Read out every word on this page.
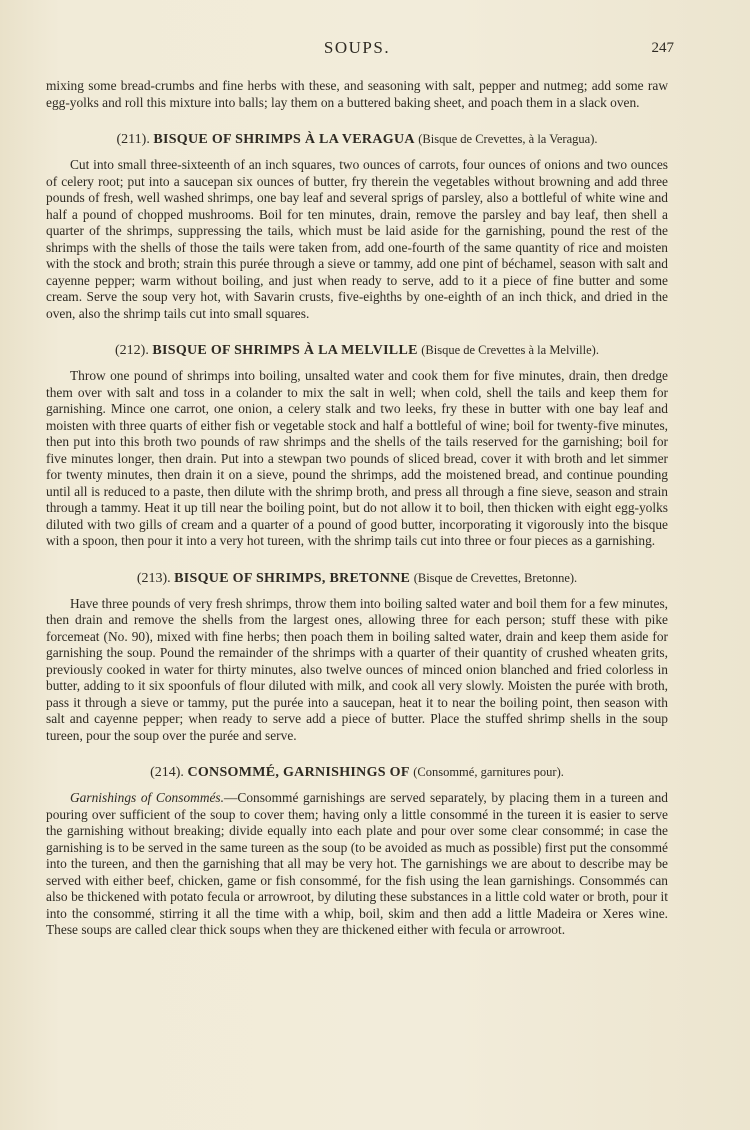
SOUPS.	247

mixing some bread-crumbs and fine herbs with these, and seasoning with salt, pepper and nutmeg; add some raw egg-yolks and roll this mixture into balls; lay them on a buttered baking sheet, and poach them in a slack oven.

(211). BISQUE OF SHRIMPS À LA VERAGUA (Bisque de Crevettes, à la Veragua).

Cut into small three-sixteenth of an inch squares, two ounces of carrots, four ounces of onions and two ounces of celery root; put into a saucepan six ounces of butter, fry therein the vegetables without browning and add three pounds of fresh, well washed shrimps, one bay leaf and several sprigs of parsley, also a bottleful of white wine and half a pound of chopped mushrooms. Boil for ten minutes, drain, remove the parsley and bay leaf, then shell a quarter of the shrimps, suppressing the tails, which must be laid aside for the garnishing, pound the rest of the shrimps with the shells of those the tails were taken from, add one-fourth of the same quantity of rice and moisten with the stock and broth; strain this purée through a sieve or tammy, add one pint of béchamel, season with salt and cayenne pepper; warm without boiling, and just when ready to serve, add to it a piece of fine butter and some cream. Serve the soup very hot, with Savarin crusts, five-eighths by one-eighth of an inch thick, and dried in the oven, also the shrimp tails cut into small squares.

(212). BISQUE OF SHRIMPS À LA MELVILLE (Bisque de Crevettes à la Melville).

Throw one pound of shrimps into boiling, unsalted water and cook them for five minutes, drain, then dredge them over with salt and toss in a colander to mix the salt in well; when cold, shell the tails and keep them for garnishing. Mince one carrot, one onion, a celery stalk and two leeks, fry these in butter with one bay leaf and moisten with three quarts of either fish or vegetable stock and half a bottleful of wine; boil for twenty-five minutes, then put into this broth two pounds of raw shrimps and the shells of the tails reserved for the garnishing; boil for five minutes longer, then drain. Put into a stewpan two pounds of sliced bread, cover it with broth and let simmer for twenty minutes, then drain it on a sieve, pound the shrimps, add the moistened bread, and continue pounding until all is reduced to a paste, then dilute with the shrimp broth, and press all through a fine sieve, season and strain through a tammy. Heat it up till near the boiling point, but do not allow it to boil, then thicken with eight egg-yolks diluted with two gills of cream and a quarter of a pound of good butter, incorporating it vigorously into the bisque with a spoon, then pour it into a very hot tureen, with the shrimp tails cut into three or four pieces as a garnishing.

(213). BISQUE OF SHRIMPS, BRETONNE (Bisque de Crevettes, Bretonne).

Have three pounds of very fresh shrimps, throw them into boiling salted water and boil them for a few minutes, then drain and remove the shells from the largest ones, allowing three for each person; stuff these with pike forcemeat (No. 90), mixed with fine herbs; then poach them in boiling salted water, drain and keep them aside for garnishing the soup. Pound the remainder of the shrimps with a quarter of their quantity of crushed wheaten grits, previously cooked in water for thirty minutes, also twelve ounces of minced onion blanched and fried colorless in butter, adding to it six spoonfuls of flour diluted with milk, and cook all very slowly. Moisten the purée with broth, pass it through a sieve or tammy, put the purée into a saucepan, heat it to near the boiling point, then season with salt and cayenne pepper; when ready to serve add a piece of butter. Place the stuffed shrimp shells in the soup tureen, pour the soup over the purée and serve.

(214). CONSOMMÉ, GARNISHINGS OF (Consommé, garnitures pour).

Garnishings of Consommés.—Consommé garnishings are served separately, by placing them in a tureen and pouring over sufficient of the soup to cover them; having only a little consommé in the tureen it is easier to serve the garnishing without breaking; divide equally into each plate and pour over some clear consommé; in case the garnishing is to be served in the same tureen as the soup (to be avoided as much as possible) first put the consommé into the tureen, and then the garnishing that all may be very hot. The garnishings we are about to describe may be served with either beef, chicken, game or fish consommé, for the fish using the lean garnishings. Consommés can also be thickened with potato fecula or arrowroot, by diluting these substances in a little cold water or broth, pour it into the consommé, stirring it all the time with a whip, boil, skim and then add a little Madeira or Xeres wine. These soups are called clear thick soups when they are thickened either with fecula or arrowroot.
